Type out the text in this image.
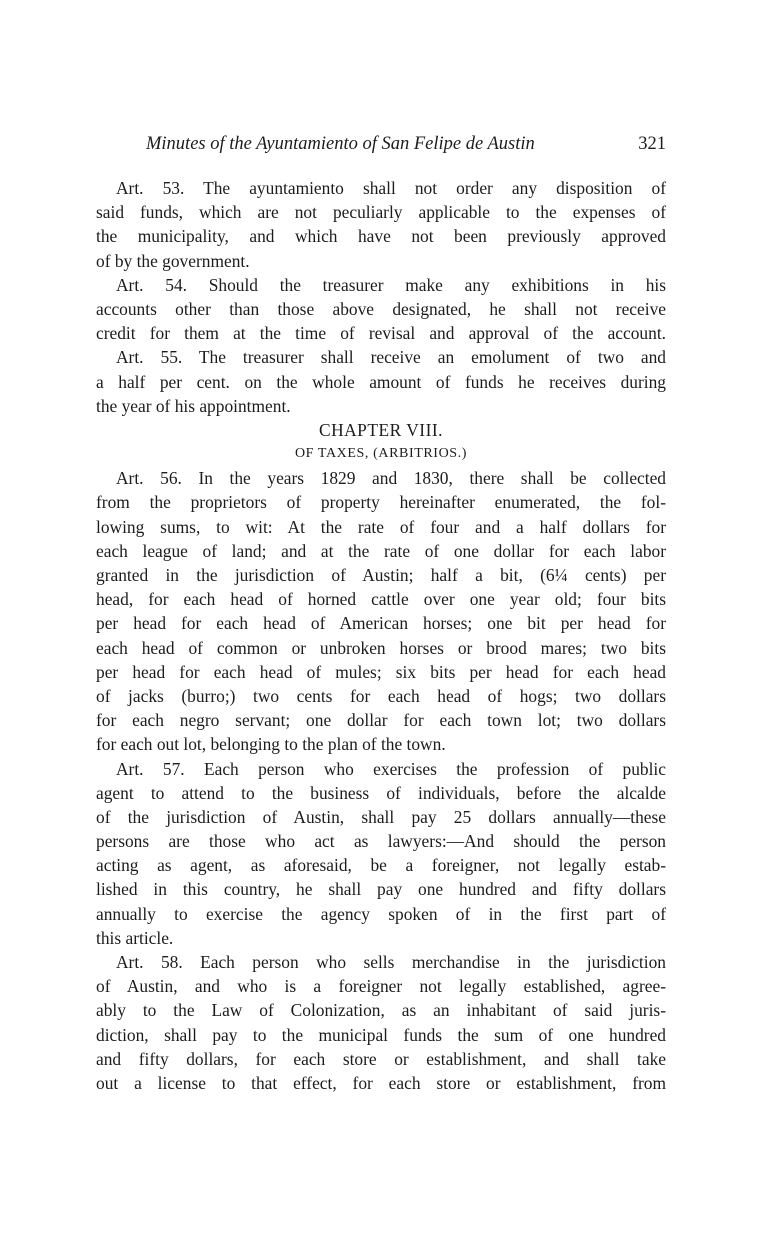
Minutes of the Ayuntamiento of San Felipe de Austin	321
Art. 53. The ayuntamiento shall not order any disposition of
said funds, which are not peculiarly applicable to the expenses of
the municipality, and which have not been previously approved
of by the government.
Art. 54. Should the treasurer make any exhibitions in his
accounts other than those above designated, he shall not receive
credit for them at the time of revisal and approval of the account.
Art. 55. The treasurer shall receive an emolument of two and
a half per cent. on the whole amount of funds he receives during
the year of his appointment.
CHAPTER VIII.
OF TAXES, (ARBITRIOS.)
Art. 56. In the years 1829 and 1830, there shall be collected
from the proprietors of property hereinafter enumerated, the fol-
lowing sums, to wit: At the rate of four and a half dollars for
each league of land; and at the rate of one dollar for each labor
granted in the jurisdiction of Austin; half a bit, (6¼ cents) per
head, for each head of horned cattle over one year old; four bits
per head for each head of American horses; one bit per head for
each head of common or unbroken horses or brood mares; two bits
per head for each head of mules; six bits per head for each head
of jacks (burro;) two cents for each head of hogs; two dollars
for each negro servant; one dollar for each town lot; two dollars
for each out lot, belonging to the plan of the town.
Art. 57. Each person who exercises the profession of public
agent to attend to the business of individuals, before the alcalde
of the jurisdiction of Austin, shall pay 25 dollars annually—these
persons are those who act as lawyers:—And should the person
acting as agent, as aforesaid, be a foreigner, not legally estab-
lished in this country, he shall pay one hundred and fifty dollars
annually to exercise the agency spoken of in the first part of
this article.
Art. 58. Each person who sells merchandise in the jurisdiction
of Austin, and who is a foreigner not legally established, agree-
ably to the Law of Colonization, as an inhabitant of said juris-
diction, shall pay to the municipal funds the sum of one hundred
and fifty dollars, for each store or establishment, and shall take
out a license to that effect, for each store or establishment, from
